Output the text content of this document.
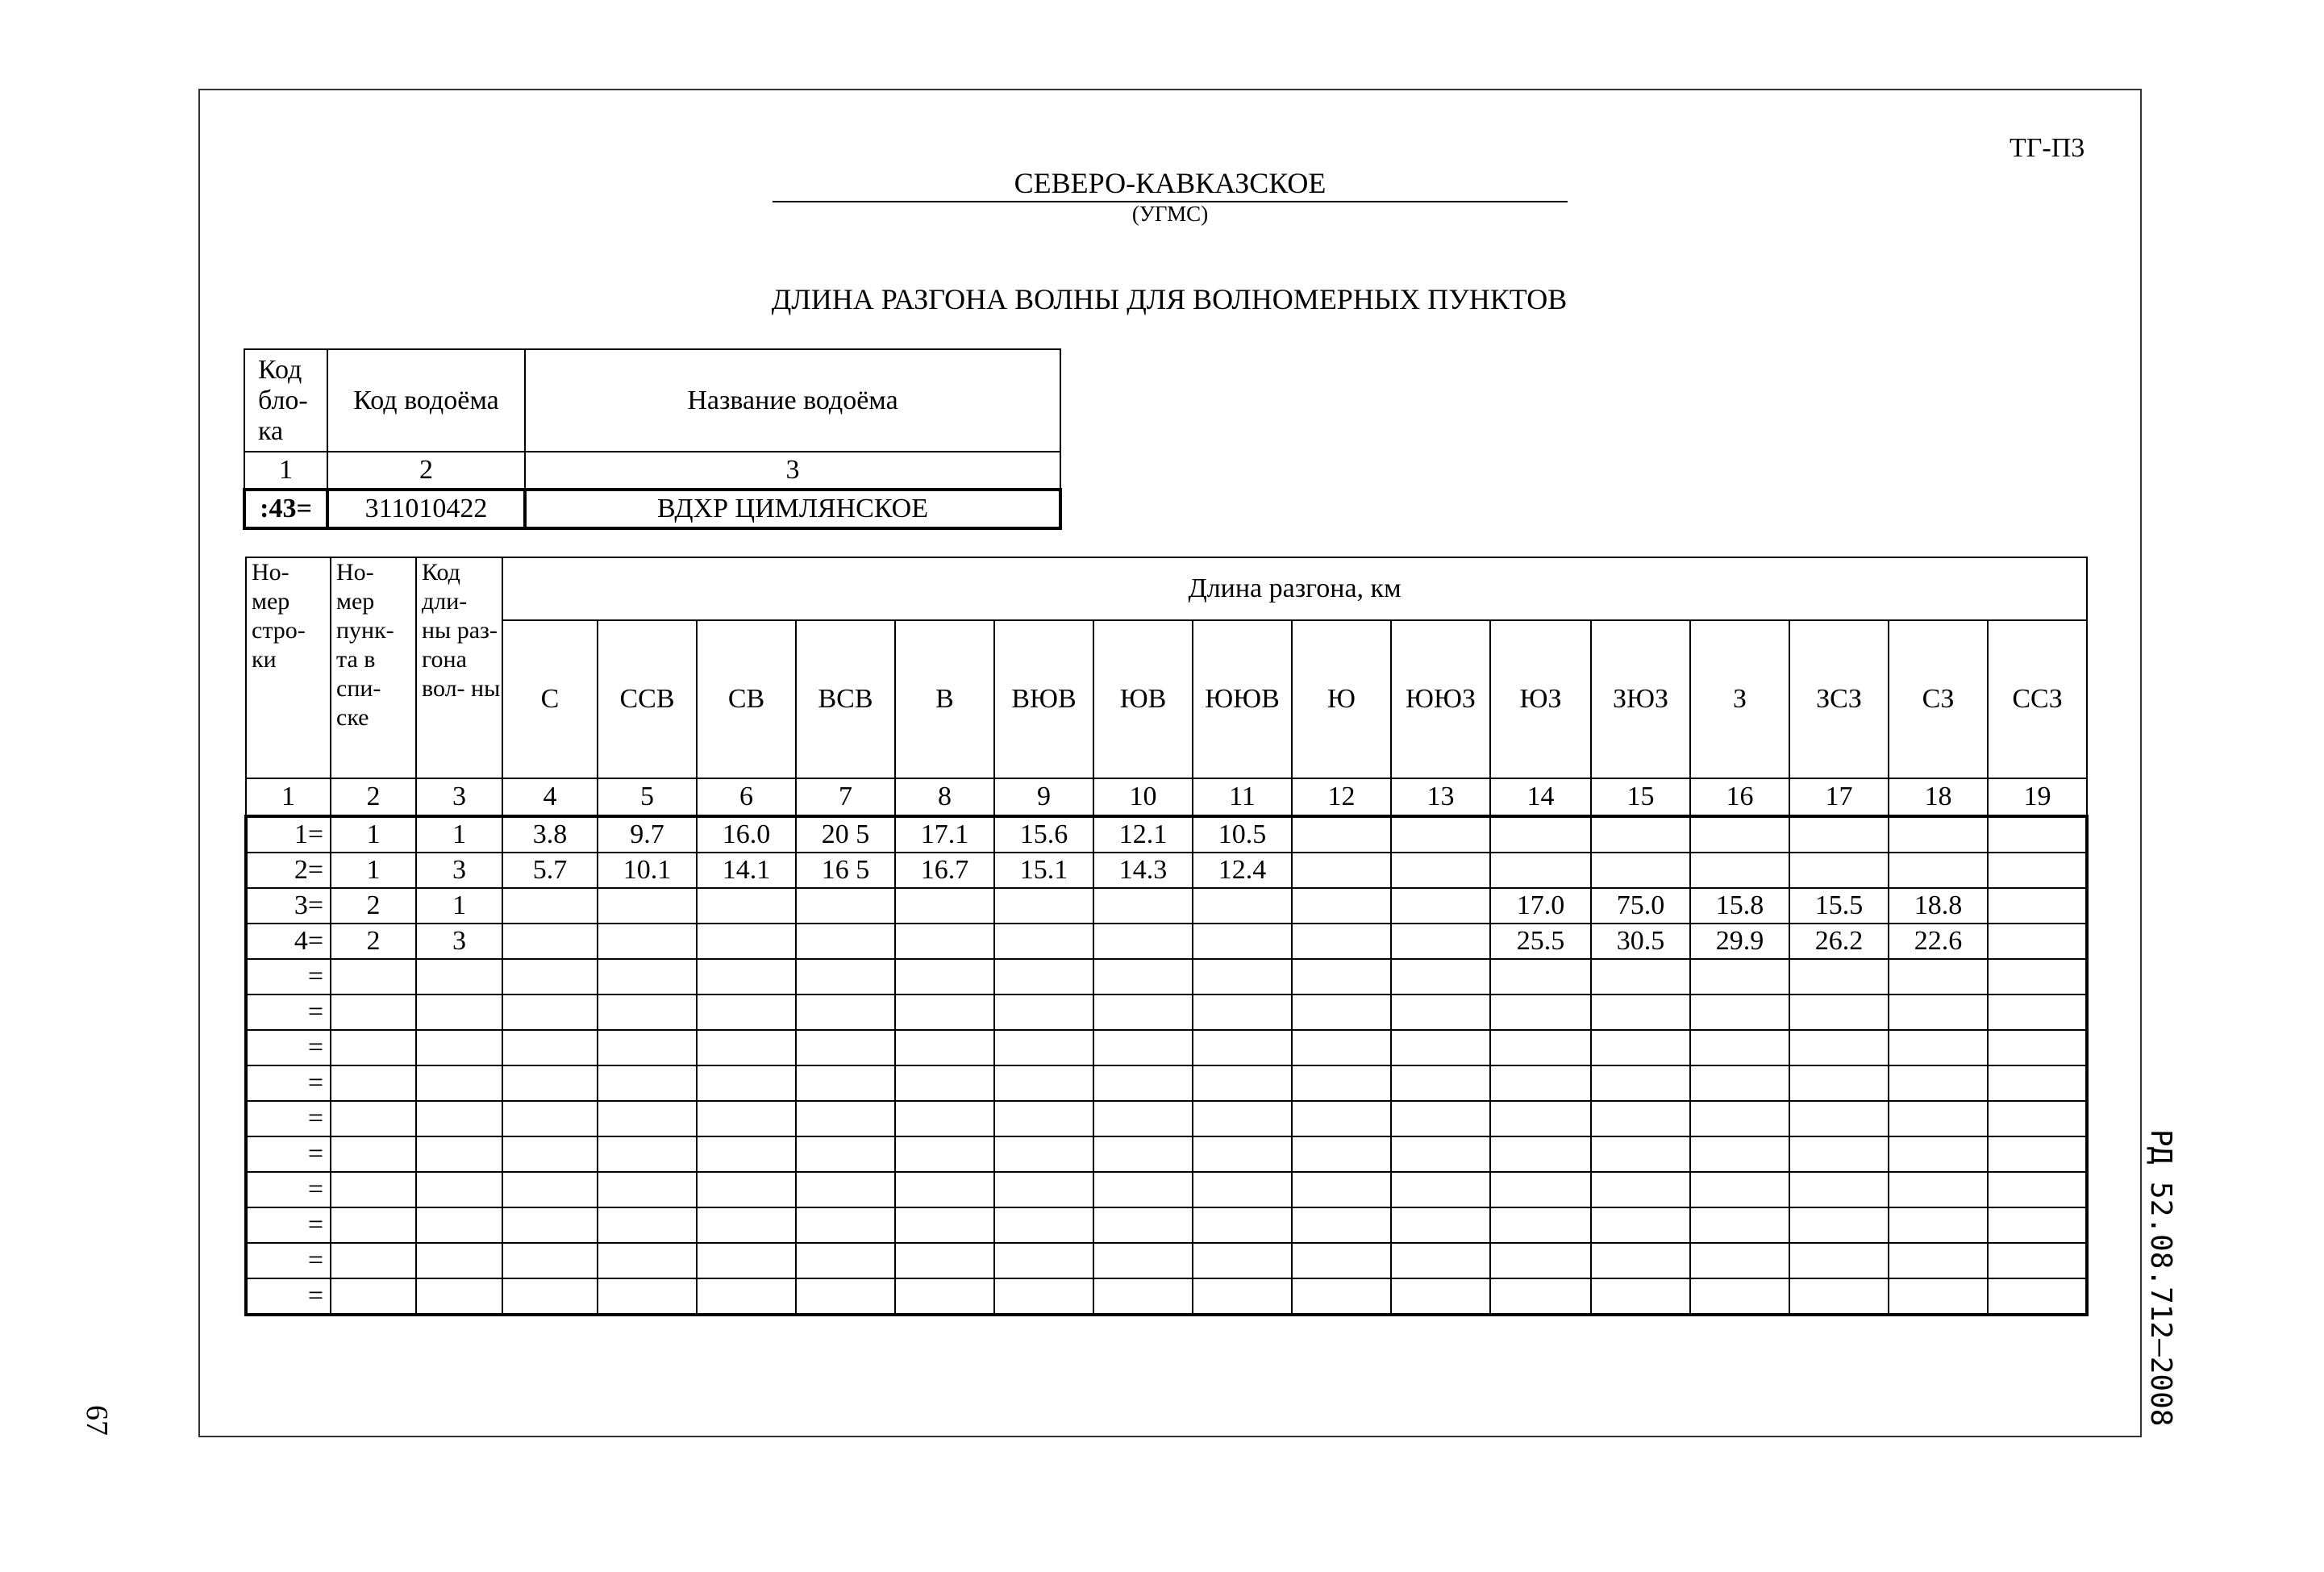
ТГ-П3
СЕВЕРО-КАВКАЗСКОЕ
(УГМС)
ДЛИНА РАЗГОНА ВОЛНЫ ДЛЯ ВОЛНОМЕРНЫХ ПУНКТОВ
Код бло- ка	Код водоёма	Название водоёма
1	2	3
:43=	311010422	ВДХР ЦИМЛЯНСКОЕ
Но- мер стро- ки	Но- мер пунк- та в спи- ске	Код дли- ны раз- гона вол- ны	Длина разгона, км															
			С	ССВ	СВ	ВСВ	В	ВЮВ	ЮВ	ЮЮВ	Ю	ЮЮЗ	ЮЗ	ЗЮЗ	З	ЗСЗ	СЗ	ССЗ
1	2	3	4	5	6	7	8	9	10	11	12	13	14	15	16	17	18	19
1=	1	1	3.8	9.7	16.0	20 5	17.1	15.6	12.1	10.5								
2=	1	3	5.7	10.1	14.1	16 5	16.7	15.1	14.3	12.4								
3=	2	1											17.0	75.0	15.8	15.5	18.8	
4=	2	3											25.5	30.5	29.9	26.2	22.6	
=																		
=																		
=																		
=																		
=																		
=																		
=																		
=																		
=																		
=																			РД 52.08.712–2008
67
